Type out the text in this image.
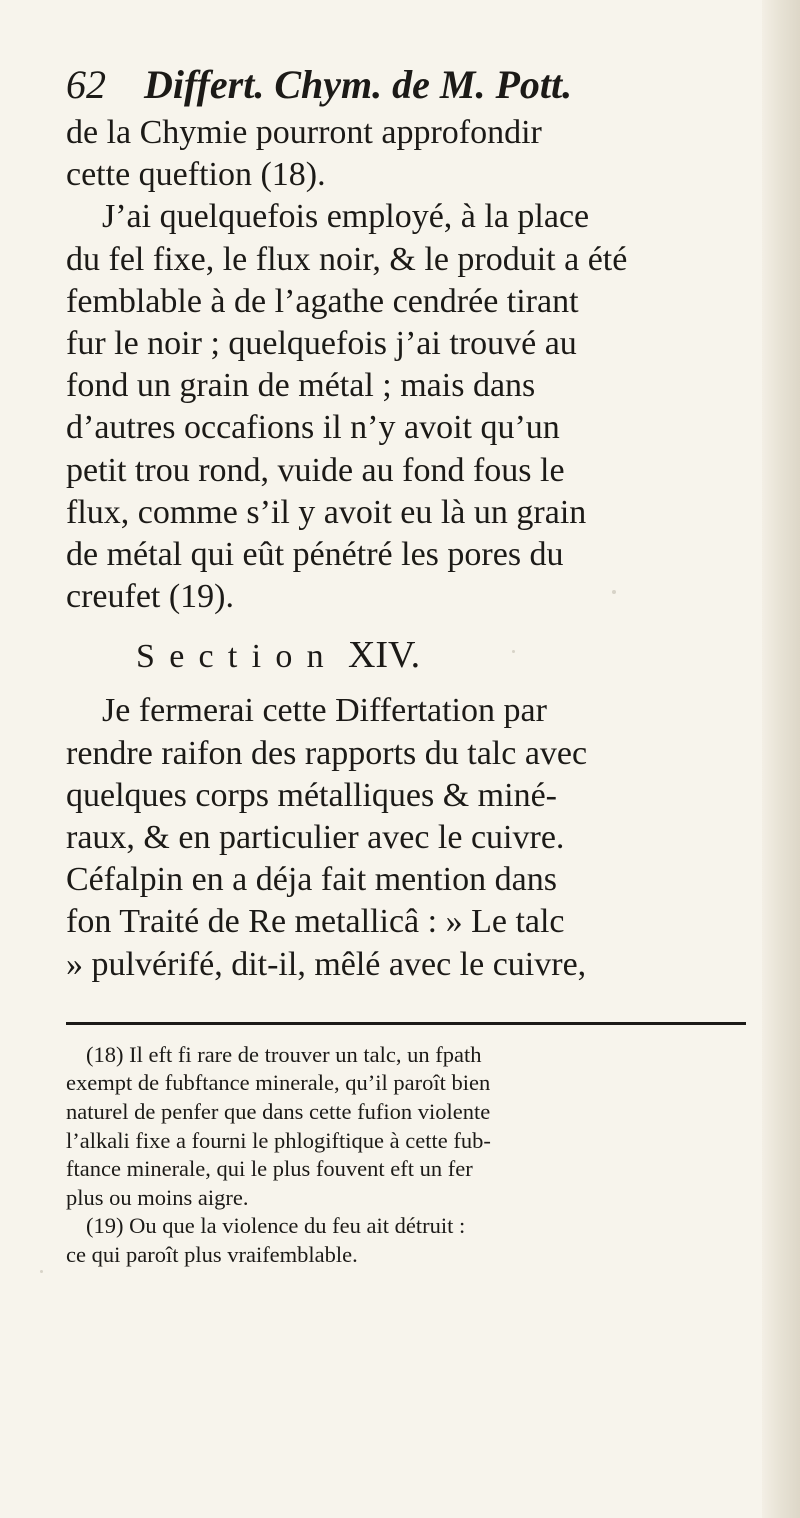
62 Differt. Chym. de M. Pott.

de la Chymie pourront approfondir

cette queftion (18).

J’ai quelquefois employé, à la place

du fel fixe, le flux noir, & le produit a été

femblable à de l’agathe cendrée tirant

fur le noir ; quelquefois j’ai trouvé au

fond un grain de métal ; mais dans

d’autres occafions il n’y avoit qu’un

petit trou rond, vuide au fond fous le

flux, comme s’il y avoit eu là un grain

de métal qui eût pénétré les pores du

creufet (19).

Section XIV.

Je fermerai cette Differtation par

rendre raifon des rapports du talc avec

quelques corps métalliques & miné-

raux, & en particulier avec le cuivre.

Céfalpin en a déja fait mention dans

fon Traité de Re metallicâ : » Le talc

» pulvérifé, dit-il, mêlé avec le cuivre,

(18) Il eft fi rare de trouver un talc, un fpath

exempt de fubftance minerale, qu’il paroît bien

naturel de penfer que dans cette fufion violente

l’alkali fixe a fourni le phlogiftique à cette fub-

ftance minerale, qui le plus fouvent eft un fer

plus ou moins aigre.

(19) Ou que la violence du feu ait détruit :

ce qui paroît plus vraifemblable.
